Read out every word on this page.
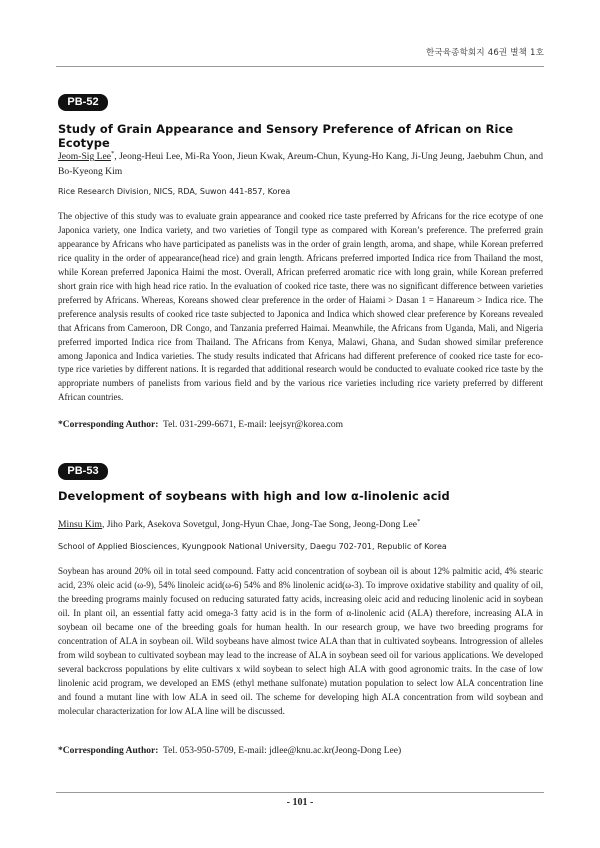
한국육종학회지 46권 별책 1호
PB-52
Study of Grain Appearance and Sensory Preference of African on Rice Ecotype
Jeom-Sig Lee*, Jeong-Heui Lee, Mi-Ra Yoon, Jieun Kwak, Areum-Chun, Kyung-Ho Kang, Ji-Ung Jeung, Jaebuhm Chun, and Bo-Kyeong Kim
Rice Research Division, NICS, RDA, Suwon 441-857, Korea
The objective of this study was to evaluate grain appearance and cooked rice taste preferred by Africans for the rice ecotype of one Japonica variety, one Indica variety, and two varieties of Tongil type as compared with Korean’s preference. The preferred grain appearance by Africans who have participated as panelists was in the order of grain length, aroma, and shape, while Korean preferred rice quality in the order of appearance(head rice) and grain length. Africans preferred imported Indica rice from Thailand the most, while Korean preferred Japonica Haimi the most. Overall, African preferred aromatic rice with long grain, while Korean preferred short grain rice with high head rice ratio. In the evaluation of cooked rice taste, there was no significant difference between varieties preferred by Africans. Whereas, Koreans showed clear preference in the order of Haiami > Dasan 1 = Hanareum > Indica rice. The preference analysis results of cooked rice taste subjected to Japonica and Indica which showed clear preference by Koreans revealed that Africans from Cameroon, DR Congo, and Tanzania preferred Haimai. Meanwhile, the Africans from Uganda, Mali, and Nigeria preferred imported Indica rice from Thailand. The Africans from Kenya, Malawi, Ghana, and Sudan showed similar preference among Japonica and Indica varieties. The study results indicated that Africans had different preference of cooked rice taste for eco-type rice varieties by different nations. It is regarded that additional research would be conducted to evaluate cooked rice taste by the appropriate numbers of panelists from various field and by the various rice varieties including rice variety preferred by different African countries.
*Corresponding Author: Tel. 031-299-6671, E-mail: leejsyr@korea.com
PB-53
Development of soybeans with high and low α-linolenic acid
Minsu Kim, Jiho Park, Asekova Sovetgul, Jong-Hyun Chae, Jong-Tae Song, Jeong-Dong Lee*
School of Applied Biosciences, Kyungpook National University, Daegu 702-701, Republic of Korea
Soybean has around 20% oil in total seed compound. Fatty acid concentration of soybean oil is about 12% palmitic acid, 4% stearic acid, 23% oleic acid (ω-9), 54% linoleic acid(ω-6) 54% and 8% linolenic acid(ω-3). To improve oxidative stability and quality of oil, the breeding programs mainly focused on reducing saturated fatty acids, increasing oleic acid and reducing linolenic acid in soybean oil. In plant oil, an essential fatty acid omega-3 fatty acid is in the form of α-linolenic acid (ALA) therefore, increasing ALA in soybean oil became one of the breeding goals for human health. In our research group, we have two breeding programs for concentration of ALA in soybean oil. Wild soybeans have almost twice ALA than that in cultivated soybeans. Introgression of alleles from wild soybean to cultivated soybean may lead to the increase of ALA in soybean seed oil for various applications. We developed several backcross populations by elite cultivars x wild soybean to select high ALA with good agronomic traits. In the case of low linolenic acid program, we developed an EMS (ethyl methane sulfonate) mutation population to select low ALA concentration line and found a mutant line with low ALA in seed oil. The scheme for developing high ALA concentration from wild soybean and molecular characterization for low ALA line will be discussed.
*Corresponding Author: Tel. 053-950-5709, E-mail: jdlee@knu.ac.kr(Jeong-Dong Lee)
- 101 -
